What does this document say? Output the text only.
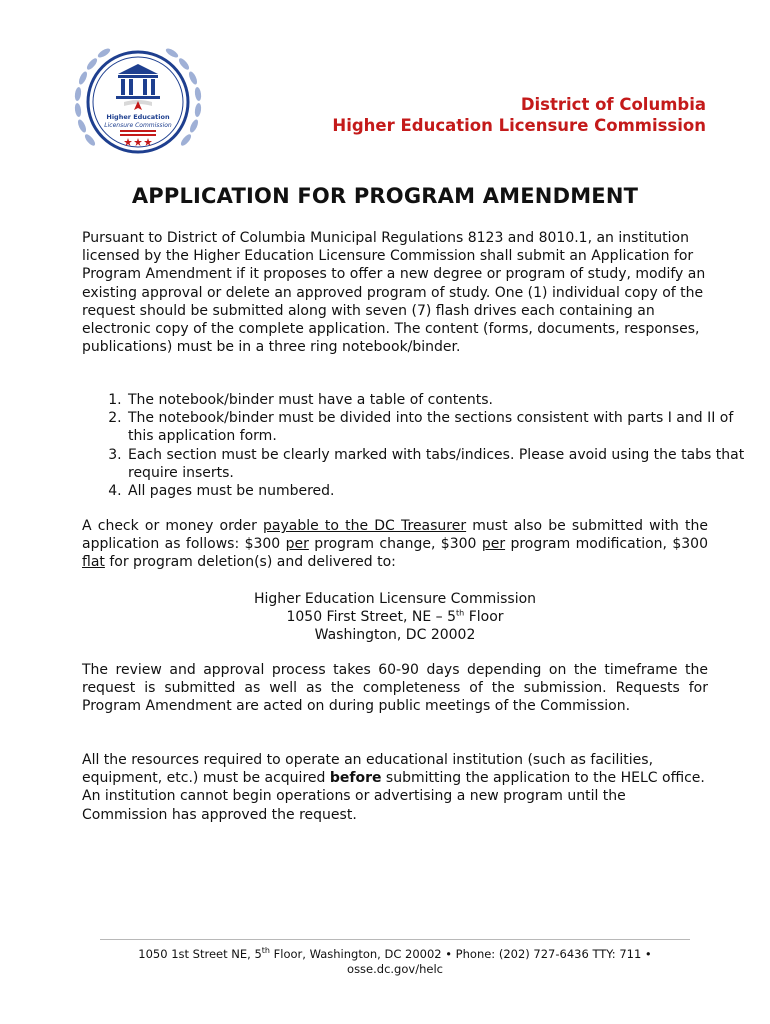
Higher Education
Licensure Commission
District of Columbia
Higher Education Licensure Commission
APPLICATION FOR PROGRAM AMENDMENT
Pursuant to District of Columbia Municipal Regulations 8123 and 8010.1, an institution licensed by the Higher Education Licensure Commission shall submit an Application for Program Amendment if it proposes to offer a new degree or program of study, modify an existing approval or delete an approved program of study. One (1) individual copy of the request should be submitted along with seven (7) flash drives each containing an electronic copy of the complete application. The content (forms, documents, responses, publications) must be in a three ring notebook/binder.
1. The notebook/binder must have a table of contents.
2. The notebook/binder must be divided into the sections consistent with parts I and II of this application form.
3. Each section must be clearly marked with tabs/indices. Please avoid using the tabs that require inserts.
4. All pages must be numbered.
A check or money order payable to the DC Treasurer must also be submitted with the application as follows: $300 per program change, $300 per program modification, $300 flat for program deletion(s) and delivered to:
Higher Education Licensure Commission
1050 First Street, NE – 5th Floor
Washington, DC 20002
The review and approval process takes 60-90 days depending on the timeframe the request is submitted as well as the completeness of the submission. Requests for Program Amendment are acted on during public meetings of the Commission.
All the resources required to operate an educational institution (such as facilities, equipment, etc.) must be acquired before submitting the application to the HELC office. An institution cannot begin operations or advertising a new program until the Commission has approved the request.
1050 1st Street NE, 5th Floor, Washington, DC 20002 • Phone: (202) 727-6436 TTY: 711 •
osse.dc.gov/helc
